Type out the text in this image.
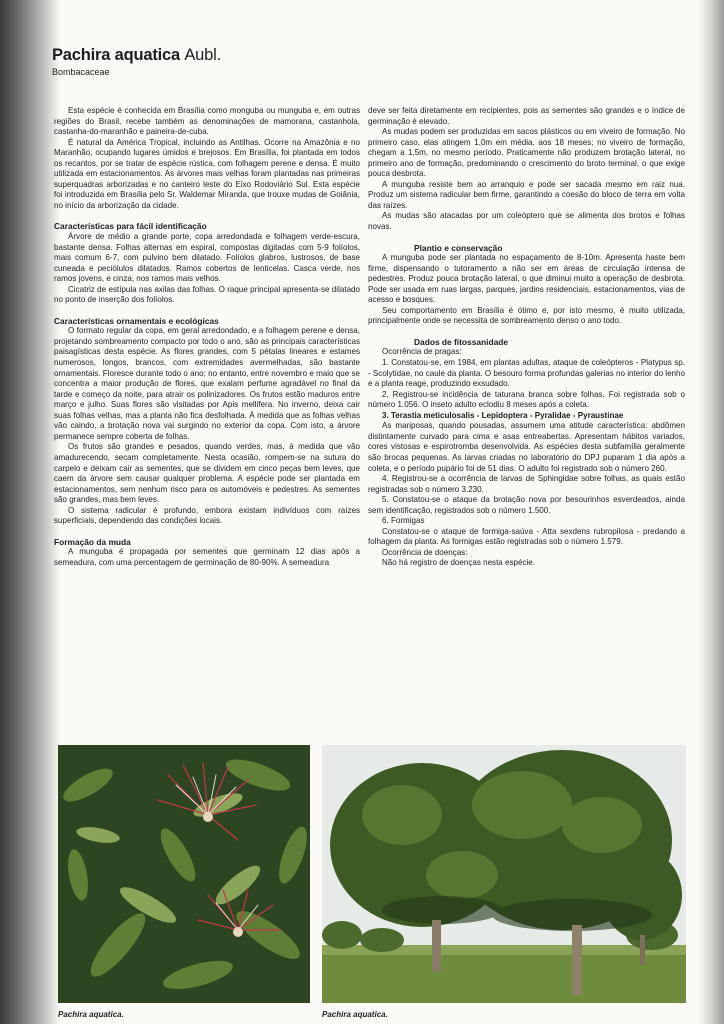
Pachira aquatica Aubl.
Bombacaceae

Esta espécie é conhecida em Brasília como monguba ou munguba e, em outras regiões do Brasil, recebe também as denominações de mamorana, castanhola, castanha-do-maranhão e paineira-de-cuba.

É natural da América Tropical, incluindo as Antilhas. Ocorre na Amazônia e no Maranhão, ocupando lugares úmidos e brejosos. Em Brasília, foi plantada em todos os recantos, por se tratar de espécie rústica, com folhagem perene e densa. É muito utilizada em estacionamentos. As árvores mais velhas foram plantadas nas primeiras superquadras arborizadas e no canteiro leste do Eixo Rodoviário Sul. Esta espécie foi introduzida em Brasília pelo Sr. Waldemar Miranda, que trouxe mudas de Goiânia, no início da arborização da cidade.

Características para fácil identificação

Árvore de médio a grande porte, copa arredondada e folhagem verde-escura, bastante densa. Folhas alternas em espiral, compostas digitadas com 5-9 folíolos, mais comum 6-7, com pulvino bem dilatado. Folíolos glabros, lustrosos, de base cuneada e peciólulos dilatados. Ramos cobertos de lenticelas. Casca verde, nos ramos jovens, e cinza, nos ramos mais velhos.

Cicatriz de estípula nas axilas das folhas. O raque principal apresenta-se dilatado no ponto de inserção dos folíolos.

Características ornamentais e ecológicas

O formato regular da copa, em geral arredondado, e a folhagem perene e densa, projetando sombreamento compacto por todo o ano, são as principais características paisagísticas desta espécie. As flores grandes, com 5 pétalas lineares e estames numerosos, longos, brancos, com extremidades avermelhadas, são bastante ornamentais. Floresce durante todo o ano; no entanto, entre novembro e maio que se concentra a maior produção de flores, que exalam perfume agradável no final da tarde e começo da noite, para atrair os polinizadores. Os frutos estão maduros entre março e julho. Suas flores são visitadas por Apis mellifera. No inverno, deixa cair suas folhas velhas, mas a planta não fica desfolhada. À medida que as folhas velhas vão caindo, a brotação nova vai surgindo no exterior da copa. Com isto, a árvore permanece sempre coberta de folhas.

Os frutos são grandes e pesados, quando verdes, mas, à medida que vão amadurecendo, secam completamente. Nesta ocasião, rompem-se na sutura do carpelo e deixam cair as sementes, que se dividem em cinco peças bem leves, que caem da árvore sem causar qualquer problema. A espécie pode ser plantada em estacionamentos, sem nenhum risco para os automóveis e pedestres. As sementes são grandes, mas bem leves.

O sistema radicular é profundo, embora existam indivíduos com raízes superficiais, dependendo das condições locais.

Formação da muda

A munguba é propagada por sementes que germinam 12 dias após a semeadura, com uma percentagem de germinação de 80-90%. A semeadura

deve ser feita diretamente em recipientes, pois as sementes são grandes e o índice de germinação é elevado.

As mudas podem ser produzidas em sacos plásticos ou em viveiro de formação. No primeiro caso, elas atingem 1,0m em média, aos 18 meses; no viveiro de formação, chegam a 1,5m, no mesmo período. Praticamente não produzem brotação lateral, no primeiro ano de formação, predominando o crescimento do broto terminal, o que exige pouca desbrota.

A munguba resiste bem ao arranquio e pode ser sacada mesmo em raiz nua. Produz um sistema radicular bem firme, garantindo a coesão do bloco de terra em volta das raízes.

As mudas são atacadas por um coleóptero que se alimenta dos brotos e folhas novas.

Plantio e conservação

A munguba pode ser plantada no espaçamento de 8-10m. Apresenta haste bem firme, dispensando o tutoramento a não ser em áreas de circulação intensa de pedestres. Produz pouca brotação lateral, o que diminui muito a operação de desbrota. Pode ser usada em ruas largas, parques, jardins residenciais, estacionamentos, vias de acesso e bosques.

Seu comportamento em Brasília é ótimo e, por isto mesmo, é muito utilizada, principalmente onde se necessita de sombreamento denso o ano todo.

Dados de fitossanidade

Ocorrência de pragas:

1. Constatou-se, em 1984, em plantas adultas, ataque de coleópteros - Platypus sp. - Scolytidae, no caule da planta. O besouro forma profundas galerias no interior do lenho e a planta reage, produzindo exsudado.

2. Registrou-se incidência de taturana branca sobre folhas. Foi registrada sob o número 1.056. O inseto adulto eclodiu 8 meses após a coleta.

3. Terastia meticulosalis - Lepidoptera - Pyralidae - Pyraustinae

As mariposas, quando pousadas, assumem uma atitude característica: abdômen distintamente curvado para cima e asas entreabertas. Apresentam hábitos variados, cores vistosas e espirotromba desenvolvida. As espécies desta subfamília geralmente são brocas pequenas. As larvas criadas no laboratório do DPJ puparam 1 dia após a coleta, e o período pupário foi de 51 dias. O adulto foi registrado sob o número 260.

4. Registrou-se a ocorrência de larvas de Sphingidae sobre folhas, as quais estão registradas sob o número 3.230.

5. Constatou-se o ataque da brotação nova por besourinhos esverdeados, ainda sem identificação, registrados sob o número 1.500.

6. Formigas

Constatou-se o ataque de formiga-saúva - Atta sexdens rubropilosa - predando a folhagem da planta. As formigas estão registradas sob o número 1.579.

Ocorrência de doenças:

Não há registro de doenças nesta espécie.

Pachira aquatica.	Pachira aquatica.
